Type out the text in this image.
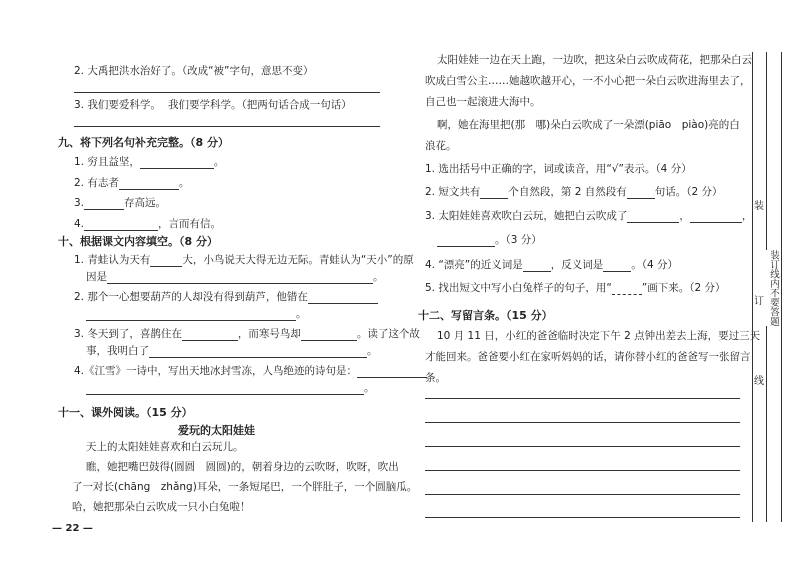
2. 大禹把洪水治好了。（改成“被”字句，意思不变）
3. 我们要爱科学。 我们要学科学。（把两句话合成一句话）
九、将下列名句补充完整。（8 分）
1. 穷且益坚，	。
2. 有志者	。
3.	存高远。
4.	，言而有信。
十、根据课文内容填空。（8 分）
1. 青蛙认为天有	大，小鸟说天大得无边无际。青蛙认为“天小”的原
因是	。
2. 那个一心想要葫芦的人却没有得到葫芦，他错在
。
3. 冬天到了，喜鹊住在	，而寒号鸟却	。读了这个故
事，我明白了	。
4.《江雪》一诗中，写出天地冰封雪冻，人鸟绝迹的诗句是：
。
十一、课外阅读。（15 分）
爱玩的太阳娃娃
天上的太阳娃娃喜欢和白云玩儿。
瞧，她把嘴巴鼓得(圆圆　圆圆)的，朝着身边的云吹呀，吹呀，吹出
了一对长(chāng　zhǎng)耳朵，一条短尾巴，一个胖肚子，一个圆脑瓜。
哈，她把那朵白云吹成一只小白兔啦！
— 22 —
太阳娃娃一边在天上跑，一边吹，把这朵白云吹成荷花，把那朵白云
吹成白雪公主……她越吹越开心，一不小心把一朵白云吹进海里去了，
自己也一起滚进大海中。
啊，她在海里把(那　哪)朵白云吹成了一朵漂(piāo　piào)亮的白
浪花。
1. 选出括号中正确的字，词或读音，用“√”表示。（4 分）
2. 短文共有	个自然段，第 2 自然段有	句话。（2 分）
3. 太阳娃娃喜欢吹白云玩，她把白云吹成了	，	，
。（3 分）
4. “漂亮”的近义词是	，反义词是	。（4 分）
5. 找出短文中写小白兔样子的句子，用“	”画下来。（2 分）
十二、写留言条。（15 分）
10 月 11 日，小红的爸爸临时决定下午 2 点钟出差去上海，要过三天
才能回来。爸爸要小红在家听妈妈的话，请你替小红的爸爸写一张留言
条。
装
订
线
装订线内不要答题
